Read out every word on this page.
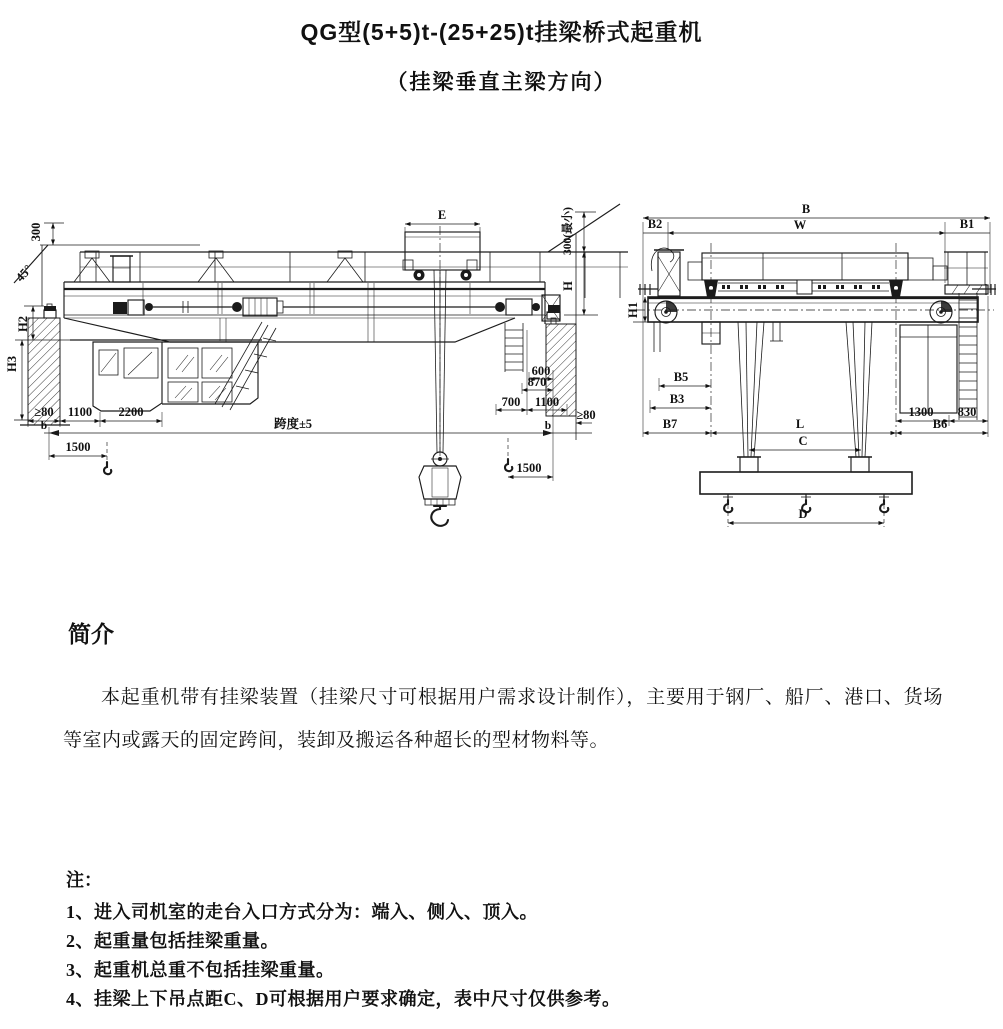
QG型(5+5)t-(25+25)t挂梁桥式起重机
（挂梁垂直主梁方向）
300
45°
H2
H3
300(最小)
H
E
≥80 1100 2200
b	b
跨度±5
1500
1500
600
870
700 1100
≥80
B
W
B2	B1
H1
C
D
B5
B3
B7	L
1300 830
B6
简介
本起重机带有挂梁装置（挂梁尺寸可根据用户需求设计制作），主要用于钢厂、船厂、港口、货场等室内或露天的固定跨间，装卸及搬运各种超长的型材物料等。
注：
1、进入司机室的走台入口方式分为：端入、侧入、顶入。
2、起重量包括挂梁重量。
3、起重机总重不包括挂梁重量。
4、挂梁上下吊点距C、D可根据用户要求确定，表中尺寸仅供参考。
